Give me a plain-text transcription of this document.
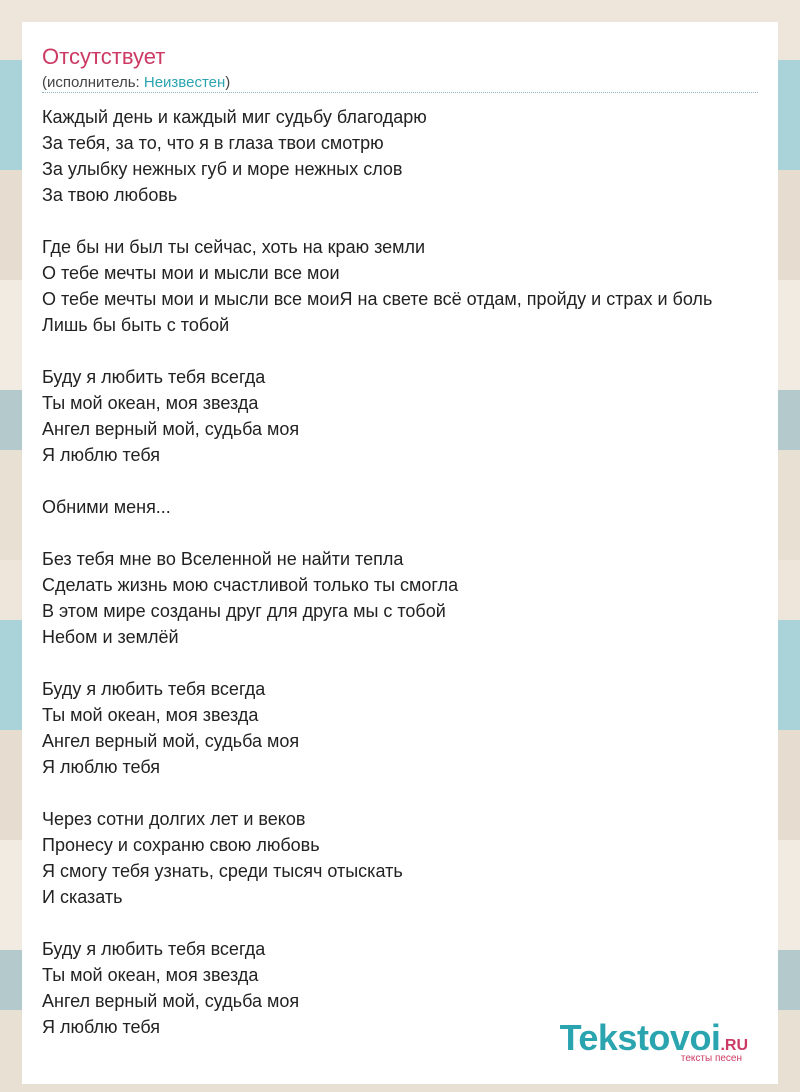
Отсутствует
(исполнитель: Неизвестен)
Каждый день и каждый миг судьбу благодарю
За тебя, за то, что я в глаза твои смотрю
За улыбку нежных губ и море нежных слов
За твою любовь
Где бы ни был ты сейчас, хоть на краю земли
О тебе мечты мои и мысли все мои
О тебе мечты мои и мысли все моиЯ на свете всё отдам, пройду и страх и боль
Лишь бы быть с тобой
Буду я любить тебя всегда
Ты мой океан, моя звезда
Ангел верный мой, судьба моя
Я люблю тебя
Обними меня...
Без тебя мне во Вселенной не найти тепла
Сделать жизнь мою счастливой только ты смогла
В этом мире созданы друг для друга мы с тобой
Небом и землёй
Буду я любить тебя всегда
Ты мой океан, моя звезда
Ангел верный мой, судьба моя
Я люблю тебя
Через сотни долгих лет и веков
Пронесу и сохраню свою любовь
Я смогу тебя узнать, среди тысяч отыскать
И сказать
Буду я любить тебя всегда
Ты мой океан, моя звезда
Ангел верный мой, судьба моя
Я люблю тебя	Tekstovoi.RU
тексты песен
